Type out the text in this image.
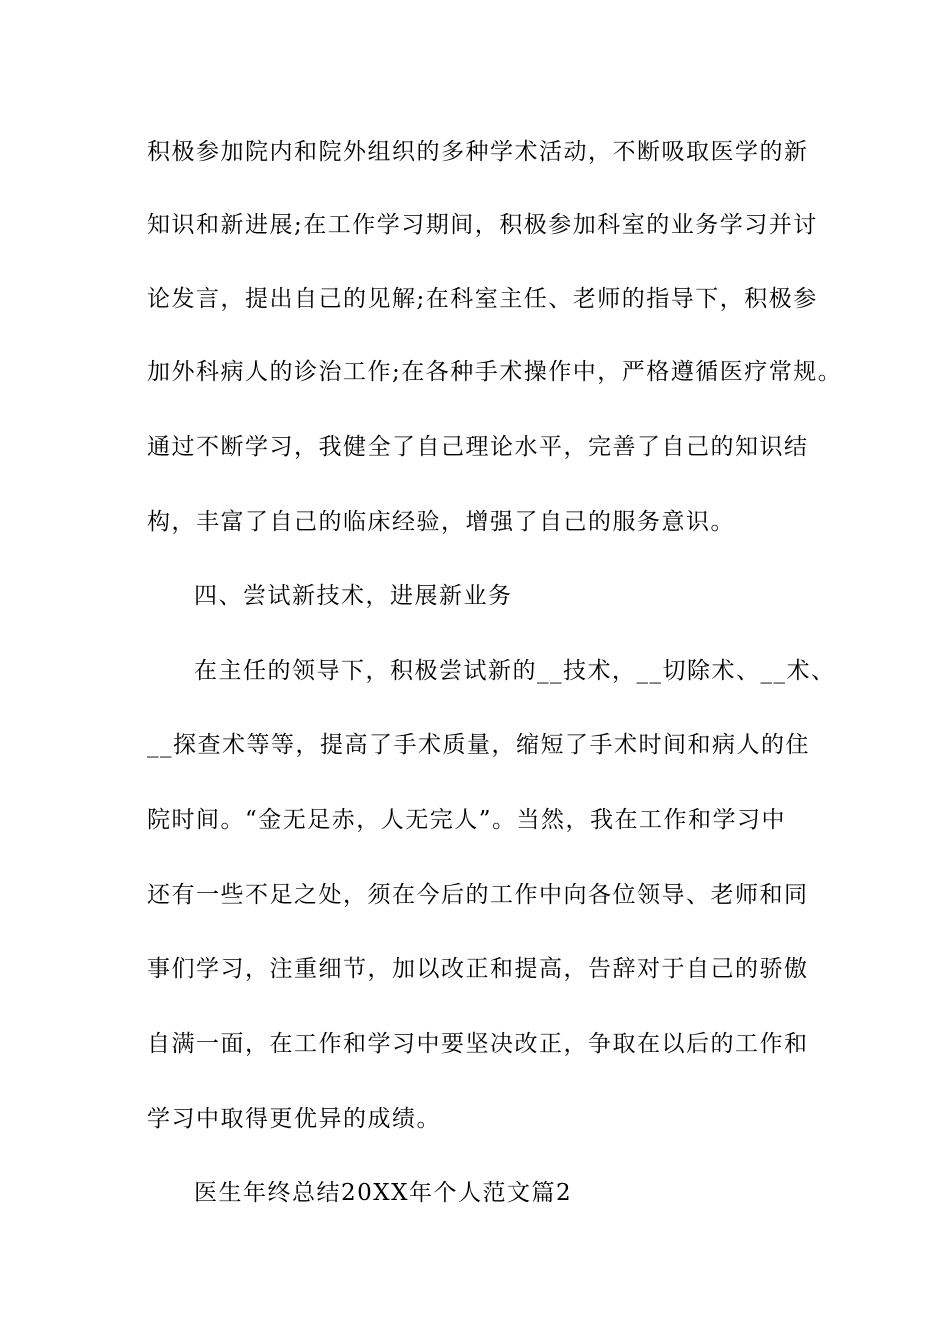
积极参加院内和院外组织的多种学术活动，不断吸取医学的新
知识和新进展;在工作学习期间，积极参加科室的业务学习并讨
论发言，提出自己的见解;在科室主任、老师的指导下，积极参
加外科病人的诊治工作;在各种手术操作中，严格遵循医疗常规。
通过不断学习，我健全了自己理论水平，完善了自己的知识结
构，丰富了自己的临床经验，增强了自己的服务意识。
四、尝试新技术，进展新业务
在主任的领导下，积极尝试新的__技术，__切除术、__术、
__探查术等等，提高了手术质量，缩短了手术时间和病人的住
院时间。“金无足赤，人无完人”。当然，我在工作和学习中
还有一些不足之处，须在今后的工作中向各位领导、老师和同
事们学习，注重细节，加以改正和提高，告辞对于自己的骄傲
自满一面，在工作和学习中要坚决改正，争取在以后的工作和
学习中取得更优异的成绩。
医生年终总结20XX年个人范文篇2
